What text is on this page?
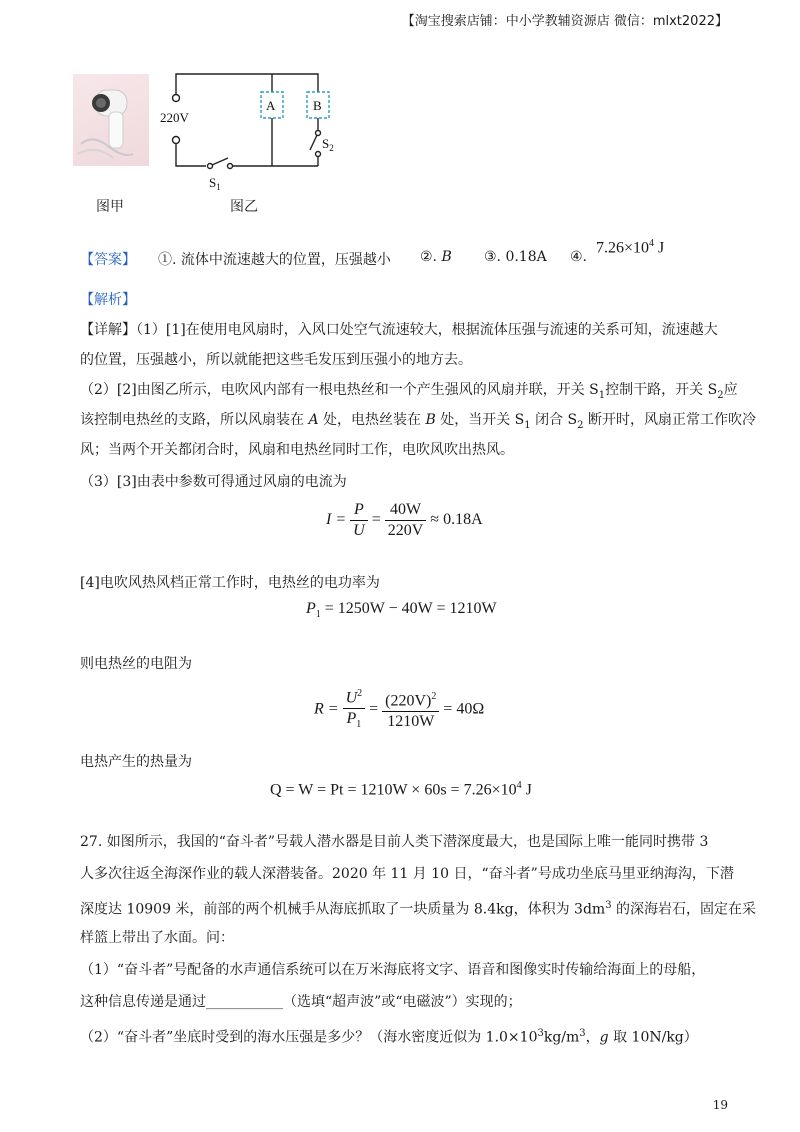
【淘宝搜索店铺：中小学教辅资源店 微信：mlxt2022】
图甲
A	B
220V
$S_1$
$S_2$
图乙
【答案】 ①. 流体中流速越大的位置，压强越小 ②. B ③. 0.18A ④.
$7.26\times 10^4$ J
【解析】
【详解】（1）[1]在使用电风扇时，入风口处空气流速较大，根据流体压强与流速的关系可知，流速越大
的位置，压强越小，所以就能把这些毛发压到压强小的地方去。
（2）[2]由图乙所示，电吹风内部有一根电热丝和一个产生强风的风扇并联，开关 $S_1$控制干路，开关 $S_2$应
该控制电热丝的支路，所以风扇装在 A 处，电热丝装在 B 处，当开关 $S_1$ 闭合 $S_2$ 断开时，风扇正常工作吹冷
风；当两个开关都闭合时，风扇和电热丝同时工作，电吹风吹出热风。
（3）[3]由表中参数可得通过风扇的电流为
$I = \frac{P}{U} = \frac{40W}{220V} \approx 0.18A$
[4]电吹风热风档正常工作时，电热丝的电功率为
$P_1 = 1250W - 40W = 1210W$
则电热丝的电阻为
$R = \frac{U^2}{P_1} = \frac{(220V)^2}{1210W} = 40\Omega$
电热产生的热量为
$Q = W = Pt = 1210W \times 60s = 7.26\times 10^4$ J
27. 如图所示，我国的“奋斗者”号载人潜水器是目前人类下潜深度最大，也是国际上唯一能同时携带 3
人多次往返全海深作业的载人深潜装备。2020 年 11 月 10 日，“奋斗者”号成功坐底马里亚纳海沟，下潜
深度达 10909 米，前部的两个机械手从海底抓取了一块质量为 8.4kg，体积为 $3dm^3$ 的深海岩石，固定在采
样篮上带出了水面。问：
（1）“奋斗者”号配备的水声通信系统可以在万米海底将文字、语音和图像实时传输给海面上的母船，
这种信息传递是通过___________（选填“超声波”或“电磁波”）实现的；
（2）“奋斗者”坐底时受到的海水压强是多少？（海水密度近似为 $1.0\times 10^3kg/m^3$，g 取 10N/kg）
19
